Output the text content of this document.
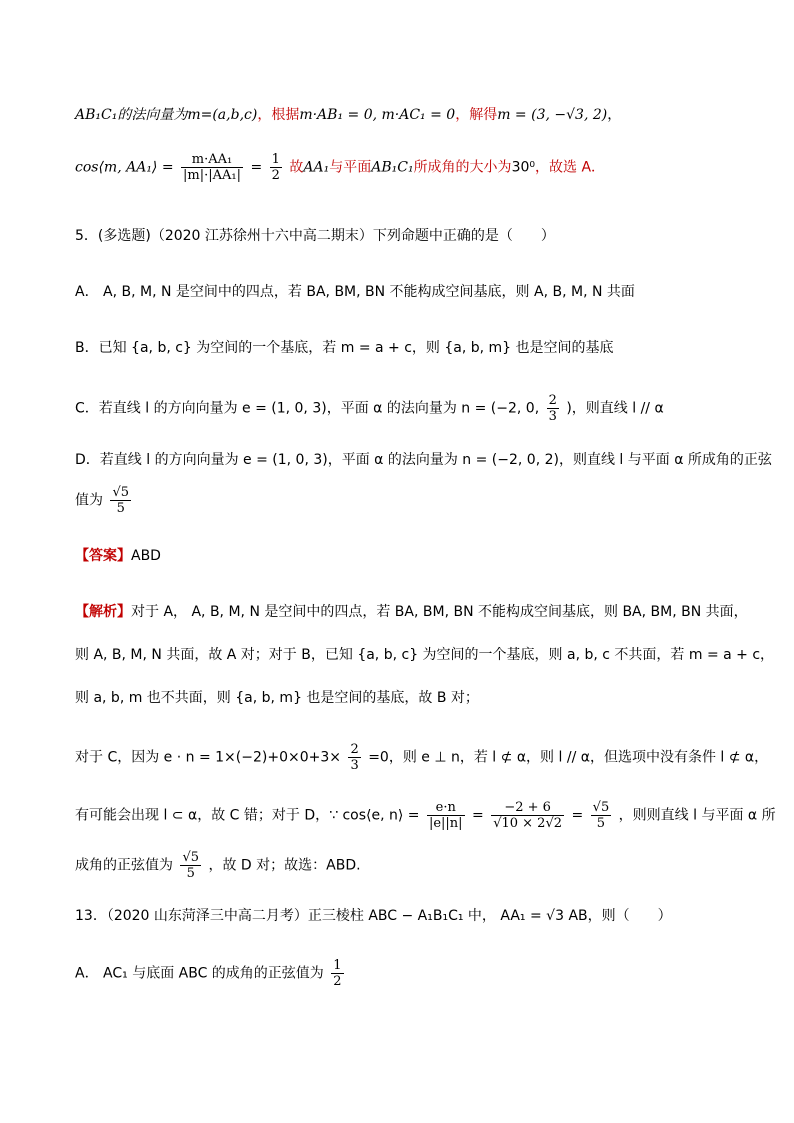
AB₁C₁的法向量为m=(a,b,c)，根据m·AB₁ = 0, m·AC₁ = 0，解得m = (3, −√3, 2)，
cos⟨m, AA₁⟩ = $\frac{\text{m·AA₁}}{\text{|m|·|AA₁|}} = \frac{1}{2}$ 故AA₁与平面AB₁C₁所成角的大小为30⁰，故选 A．
5．(多选题)（2020 江苏徐州十六中高二期末）下列命题中正确的是（　　）
A． A, B, M, N 是空间中的四点，若 BA, BM, BN 不能构成空间基底，则 A, B, M, N 共面
B．已知 {a, b, c} 为空间的一个基底，若 m = a + c，则 {a, b, m} 也是空间的基底
C．若直线 l 的方向向量为 e = (1, 0, 3)，平面 α 的法向量为 n = (−2, 0, $\frac{2}{3}$ )，则直线 l // α
D．若直线 l 的方向向量为 e = (1, 0, 3)，平面 α 的法向量为 n = (−2, 0, 2)，则直线 l 与平面 α 所成角的正弦
值为 $\frac{√5}{5}$
【答案】ABD
【解析】对于 A， A, B, M, N 是空间中的四点，若 BA, BM, BN 不能构成空间基底，则 BA, BM, BN 共面，
则 A, B, M, N 共面，故 A 对；对于 B，已知 {a, b, c} 为空间的一个基底，则 a, b, c 不共面，若 m = a + c，
则 a, b, m 也不共面，则 {a, b, m} 也是空间的基底，故 B 对；
对于 C，因为 $e \cdot n = 1\times(-2)+0\times 0+3\times \frac{2}{3} =0$，则 e ⊥ n，若 l ⊄ α，则 l // α，但选项中没有条件 l ⊄ α，
有可能会出现 l ⊂ α，故 C 错；对于 D，∵ cos⟨e, n⟩ = $\frac{e\cdot n}{|e||n|} = \frac{-2 + 6}{√10 \times 2√2} = \frac{√5}{5}$ ，则则直线 l 与平面 α 所
成角的正弦值为 $\frac{√5}{5}$ ，故 D 对；故选：ABD.
13．（2020 山东菏泽三中高二月考）正三棱柱 ABC − A₁B₁C₁ 中， AA₁ = √3 AB，则（　　）
A． AC₁ 与底面 ABC 的成角的正弦值为 $\frac{1}{2}$
